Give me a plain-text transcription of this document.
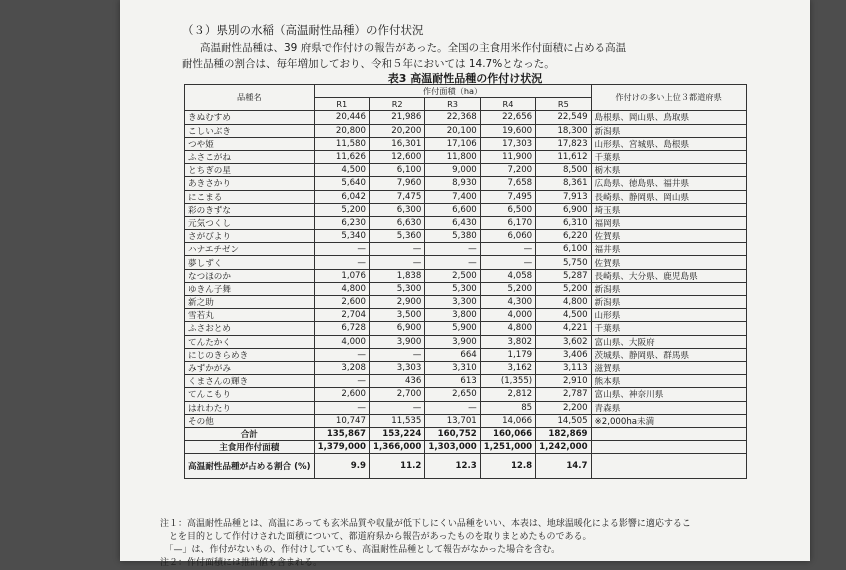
（３）県別の水稲（高温耐性品種）の作付状況
高温耐性品種は、39 府県で作付けの報告があった。全国の主食用米作付面積に占める高温
耐性品種の割合は、毎年増加しており、令和５年においては 14.7%となった。
表3 高温耐性品種の作付け状況
品種名	作付面積（ha）					作付けの多い上位３都道府県
	R1	R2	R3	R4	R5	
きぬむすめ	20,446	21,986	22,368	22,656	22,549	島根県、岡山県、鳥取県
こしいぶき	20,800	20,200	20,100	19,600	18,300	新潟県
つや姫	11,580	16,301	17,106	17,303	17,823	山形県、宮城県、島根県
ふさこがね	11,626	12,600	11,800	11,900	11,612	千葉県
とちぎの星	4,500	6,100	9,000	7,200	8,500	栃木県
あきさかり	5,640	7,960	8,930	7,658	8,361	広島県、徳島県、福井県
にこまる	6,042	7,475	7,400	7,495	7,913	長崎県、静岡県、岡山県
彩のきずな	5,200	6,300	6,600	6,500	6,900	埼玉県
元気つくし	6,230	6,630	6,430	6,170	6,310	福岡県
さがびより	5,340	5,360	5,380	6,060	6,220	佐賀県
ハナエチゼン	—	—	—	—	6,100	福井県
夢しずく	—	—	—	—	5,750	佐賀県
なつほのか	1,076	1,838	2,500	4,058	5,287	長崎県、大分県、鹿児島県
ゆきん子舞	4,800	5,300	5,300	5,200	5,200	新潟県
新之助	2,600	2,900	3,300	4,300	4,800	新潟県
雪若丸	2,704	3,500	3,800	4,000	4,500	山形県
ふさおとめ	6,728	6,900	5,900	4,800	4,221	千葉県
てんたかく	4,000	3,900	3,900	3,802	3,602	富山県、大阪府
にじのきらめき	—	—	664	1,179	3,406	茨城県、静岡県、群馬県
みずかがみ	3,208	3,303	3,310	3,162	3,113	滋賀県
くまさんの輝き	—	436	613	(1,355)	2,910	熊本県
てんこもり	2,600	2,700	2,650	2,812	2,787	富山県、神奈川県
はれわたり	—	—	—	85	2,200	青森県
その他	10,747	11,535	13,701	14,066	14,505	※2,000ha未満
合計	135,867	153,224	160,752	160,066	182,869	
主食用作付面積	1,379,000	1,366,000	1,303,000	1,251,000	1,242,000	
高温耐性品種が占める割合 (%)	9.9	11.2	12.3	12.8	14.7	
注１：高温耐性品種とは、高温にあっても玄米品質や収量が低下しにくい品種をいい、本表は、地球温暖化による影響に適応するこ
　とを目的として作付けされた面積について、都道府県から報告があったものを取りまとめたものである。
　「—」は、作付がないもの、作付けしていても、高温耐性品種として報告がなかった場合を含む。
注２：作付面積には推計値も含まれる。
